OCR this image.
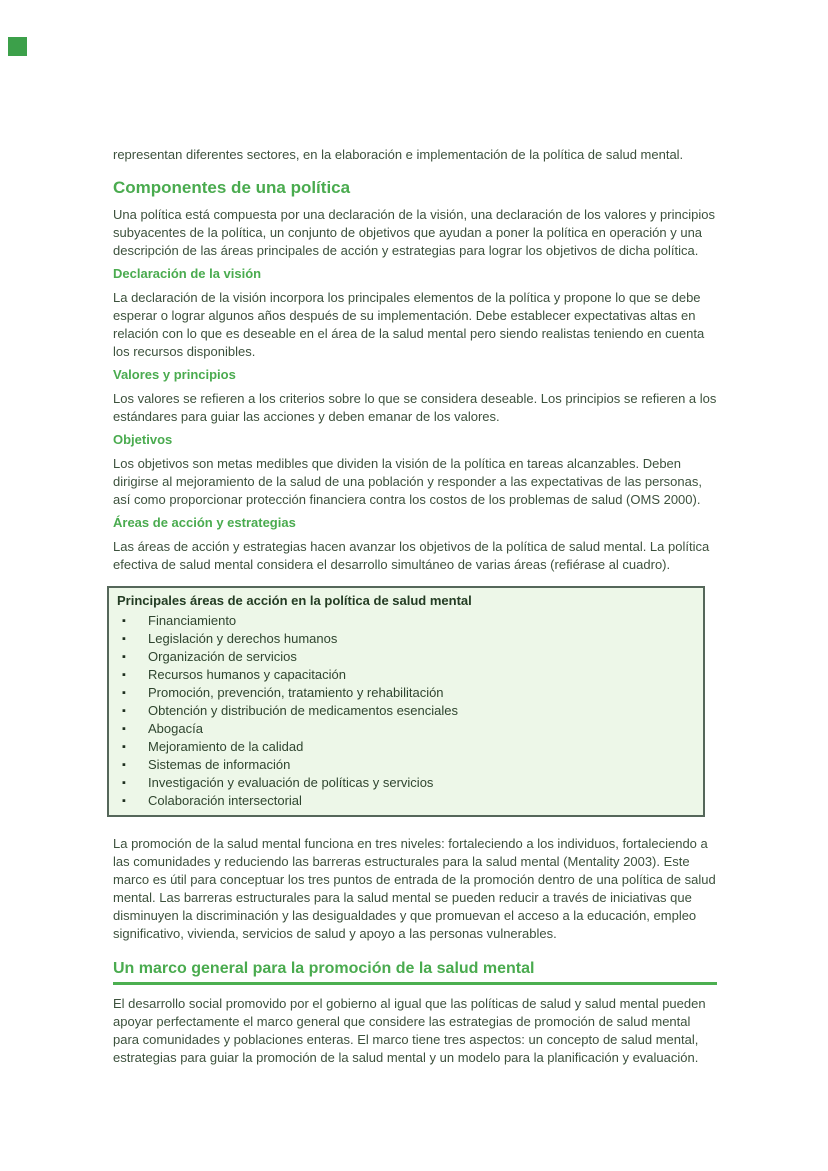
representan diferentes sectores, en la elaboración e implementación de la política de salud mental.
Componentes de una política

Una política está compuesta por una declaración de la visión, una declaración de los valores y principios subyacentes de la política, un conjunto de objetivos que ayudan a poner la política en operación y una descripción de las áreas principales de acción y estrategias para lograr los objetivos de dicha política.

Declaración de la visión

La declaración de la visión incorpora los principales elementos de la política y propone lo que se debe esperar o lograr algunos años después de su implementación. Debe establecer expectativas altas en relación con lo que es deseable en el área de la salud mental pero siendo realistas teniendo en cuenta los recursos disponibles.

Valores y principios

Los valores se refieren a los criterios sobre lo que se considera deseable. Los principios se refieren a los estándares para guiar las acciones y deben emanar de los valores.

Objetivos

Los objetivos son metas medibles que dividen la visión de la política en tareas alcanzables. Deben dirigirse al mejoramiento de la salud de una población y responder a las expectativas de las personas, así como proporcionar protección financiera contra los costos de los problemas de salud (OMS 2000).

Áreas de acción y estrategias

Las áreas de acción y estrategias hacen avanzar los objetivos de la política de salud mental. La política efectiva de salud mental considera el desarrollo simultáneo de varias áreas (refiérase al cuadro).

Principales áreas de acción en la política de salud mental
▪ Financiamiento
▪ Legislación y derechos humanos
▪ Organización de servicios
▪ Recursos humanos y capacitación
▪ Promoción, prevención, tratamiento y rehabilitación
▪ Obtención y distribución de medicamentos esenciales
▪ Abogacía
▪ Mejoramiento de la calidad
▪ Sistemas de información
▪ Investigación y evaluación de políticas y servicios
▪ Colaboración intersectorial

La promoción de la salud mental funciona en tres niveles: fortaleciendo a los individuos, fortaleciendo a las comunidades y reduciendo las barreras estructurales para la salud mental (Mentality 2003). Este marco es útil para conceptuar los tres puntos de entrada de la promoción dentro de una política de salud mental. Las barreras estructurales para la salud mental se pueden reducir a través de iniciativas que disminuyen la discriminación y las desigualdades y que promuevan el acceso a la educación, empleo significativo, vivienda, servicios de salud y apoyo a las personas vulnerables.

Un marco general para la promoción de la salud mental

El desarrollo social promovido por el gobierno al igual que las políticas de salud y salud mental pueden apoyar perfectamente el marco general que considere las estrategias de promoción de salud mental para comunidades y poblaciones enteras. El marco tiene tres aspectos: un concepto de salud mental, estrategias para guiar la promoción de la salud mental y un modelo para la planificación y evaluación.
